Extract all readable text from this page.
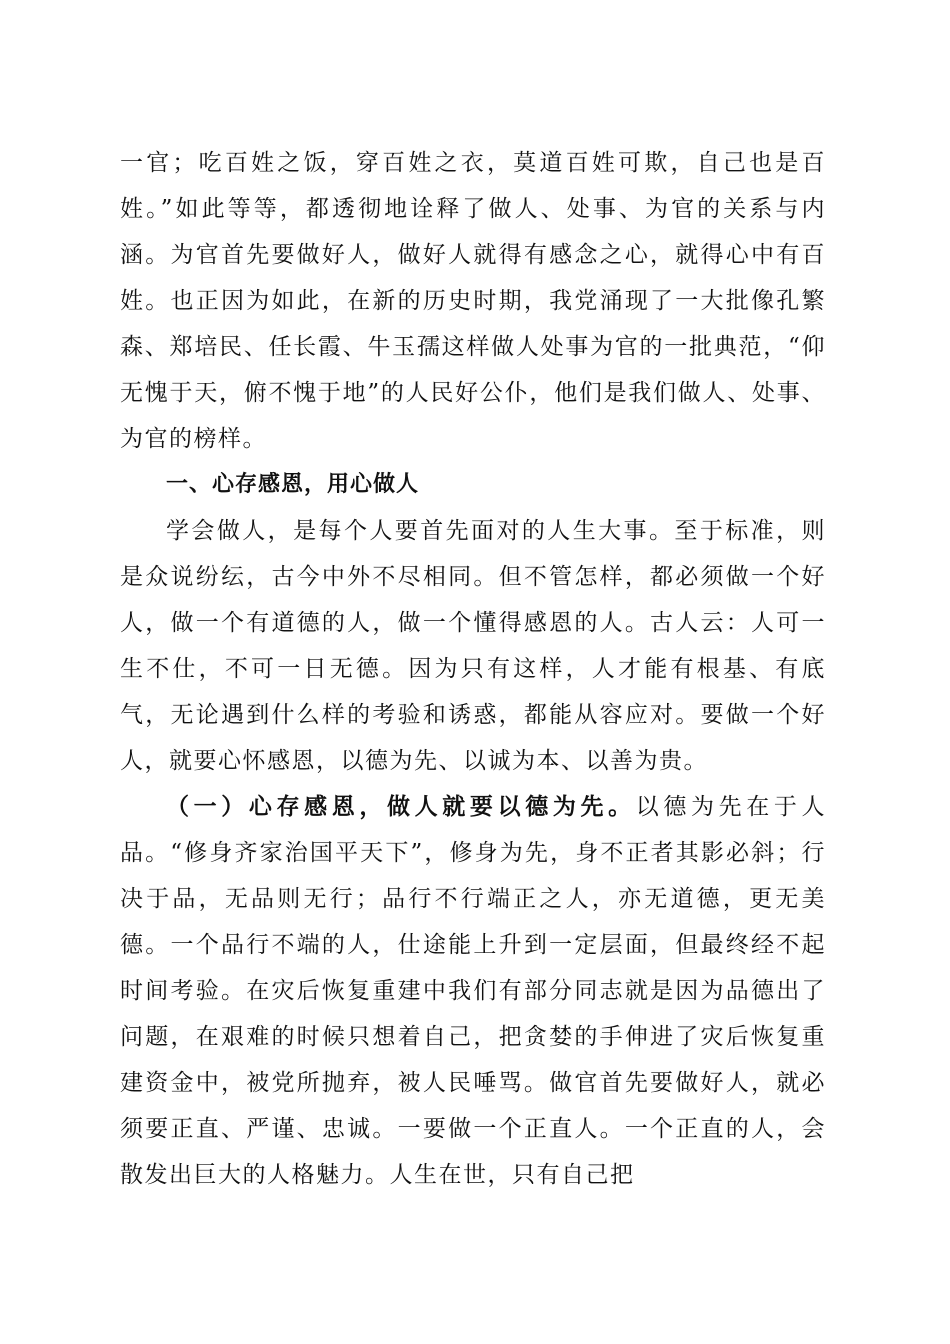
一官；吃百姓之饭，穿百姓之衣，莫道百姓可欺，自己也是百姓。”如此等等，都透彻地诠释了做人、处事、为官的关系与内涵。为官首先要做好人，做好人就得有感念之心，就得心中有百姓。也正因为如此，在新的历史时期，我党涌现了一大批像孔繁森、郑培民、任长霞、牛玉孺这样做人处事为官的一批典范，“仰无愧于天，俯不愧于地”的人民好公仆，他们是我们做人、处事、为官的榜样。

一、心存感恩，用心做人

学会做人，是每个人要首先面对的人生大事。至于标准，则是众说纷纭，古今中外不尽相同。但不管怎样，都必须做一个好人，做一个有道德的人，做一个懂得感恩的人。古人云：人可一生不仕，不可一日无德。因为只有这样，人才能有根基、有底气，无论遇到什么样的考验和诱惑，都能从容应对。要做一个好人，就要心怀感恩，以德为先、以诚为本、以善为贵。

（一）心存感恩，做人就要以德为先。以德为先在于人品。“修身齐家治国平天下”，修身为先，身不正者其影必斜；行决于品，无品则无行；品行不行端正之人，亦无道德，更无美德。一个品行不端的人，仕途能上升到一定层面，但最终经不起时间考验。在灾后恢复重建中我们有部分同志就是因为品德出了问题，在艰难的时候只想着自己，把贪婪的手伸进了灾后恢复重建资金中，被党所抛弃，被人民唾骂。做官首先要做好人，就必须要正直、严谨、忠诚。一要做一个正直人。一个正直的人，会散发出巨大的人格魅力。人生在世，只有自己把
